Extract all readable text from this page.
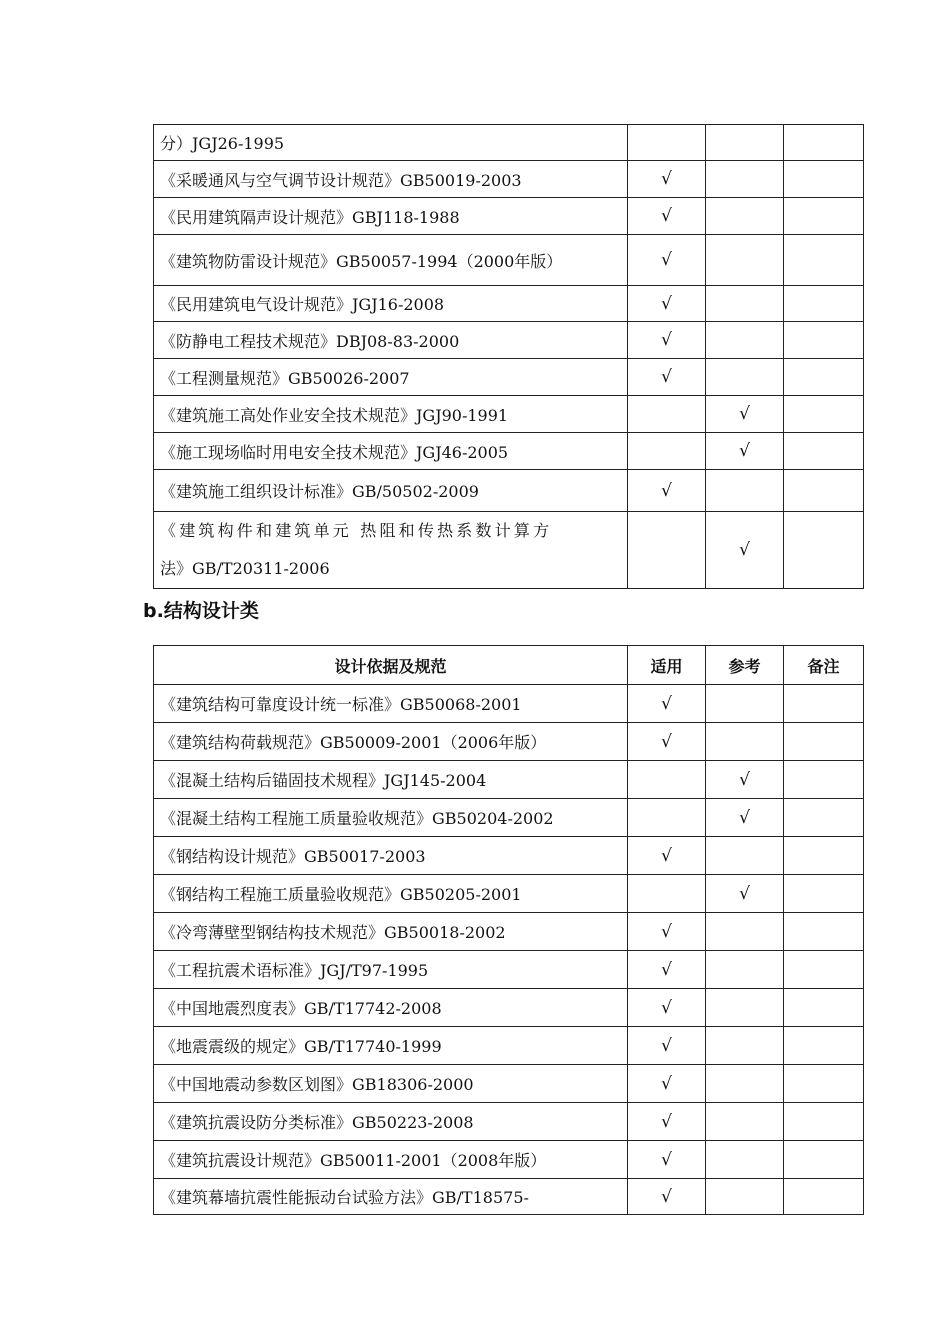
分）JGJ26-1995			
《采暖通风与空气调节设计规范》GB50019-2003	√		
《民用建筑隔声设计规范》GBJ118-1988	√		
《建筑物防雷设计规范》GB50057-1994（2000年版）	√		
《民用建筑电气设计规范》JGJ16-2008	√		
《防静电工程技术规范》DBJ08-83-2000	√		
《工程测量规范》GB50026-2007	√		
《建筑施工高处作业安全技术规范》JGJ90-1991		√	
《施工现场临时用电安全技术规范》JGJ46-2005		√	
《建筑施工组织设计标准》GB/50502-2009	√		

《建筑构件和建筑单元 热阻和传热系数计算方
法》GB/T20311-2006		√	
b.结构设计类
设计依据及规范	适用	参考	备注
《建筑结构可靠度设计统一标准》GB50068-2001	√		
《建筑结构荷载规范》GB50009-2001（2006年版）	√		
《混凝土结构后锚固技术规程》JGJ145-2004		√	
《混凝土结构工程施工质量验收规范》GB50204-2002		√	
《钢结构设计规范》GB50017-2003	√		
《钢结构工程施工质量验收规范》GB50205-2001		√	
《冷弯薄壁型钢结构技术规范》GB50018-2002	√		
《工程抗震术语标准》JGJ/T97-1995	√		
《中国地震烈度表》GB/T17742-2008	√		
《地震震级的规定》GB/T17740-1999	√		
《中国地震动参数区划图》GB18306-2000	√		
《建筑抗震设防分类标准》GB50223-2008	√		
《建筑抗震设计规范》GB50011-2001（2008年版）	√		
《建筑幕墙抗震性能振动台试验方法》GB/T18575-	√		
